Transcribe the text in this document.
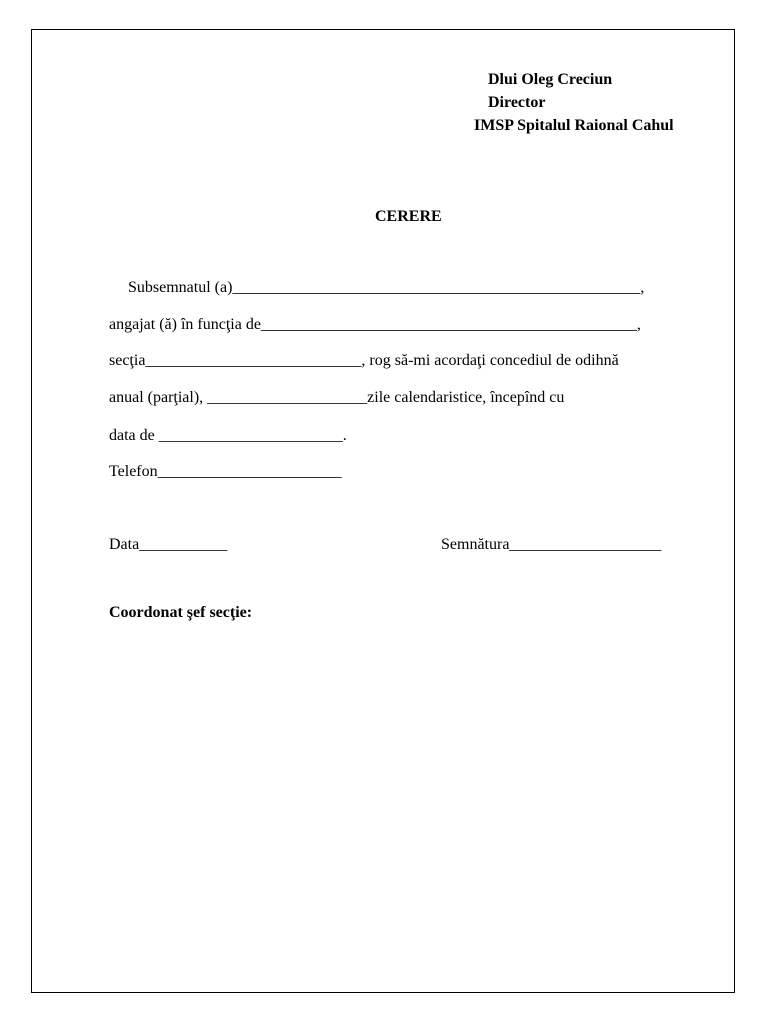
Dlui Oleg Creciun
Director
IMSP Spitalul Raional Cahul
CERERE
Subsemnatul (a)___________________________________________________,
angajat (ă) în funcţia de_______________________________________________,
secţia___________________________, rog să-mi acordaţi concediul de odihnă
anual (parţial), ____________________zile calendaristice, începînd cu
data de _______________________.
Telefon_______________________
Data___________	Semnătura___________________
Coordonat şef secţie:
